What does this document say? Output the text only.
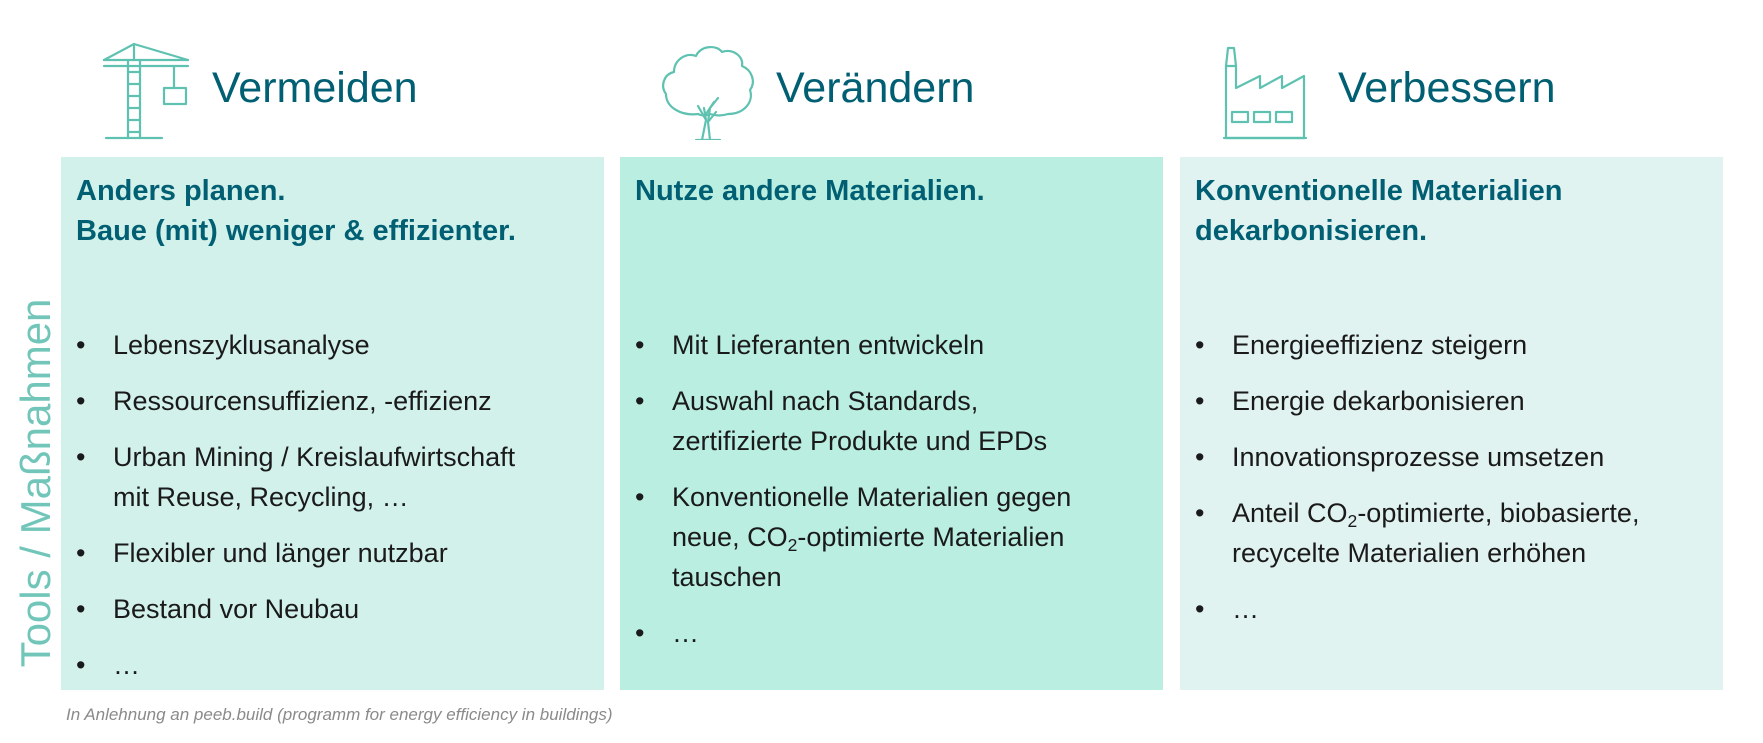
Vermeiden	Verändern	Verbessern
Tools / Maßnahmen
Anders planen.
Baue (mit) weniger & effizienter.
• Lebenszyklusanalyse
• Ressourcensuffizienz, -effizienz
• Urban Mining / Kreislaufwirtschaft
mit Reuse, Recycling, …
• Flexibler und länger nutzbar
• Bestand vor Neubau
• …
Nutze andere Materialien.
• Mit Lieferanten entwickeln
• Auswahl nach Standards,
zertifizierte Produkte und EPDs
• Konventionelle Materialien gegen
neue, $CO_2$-optimierte Materialien
tauschen
• …
Konventionelle Materialien
dekarbonisieren.
• Energieeffizienz steigern
• Energie dekarbonisieren
• Innovationsprozesse umsetzen
• Anteil $CO_2$-optimierte, biobasierte,
recycelte Materialien erhöhen
• …
In Anlehnung an peeb.build (programm for energy efficiency in buildings)
